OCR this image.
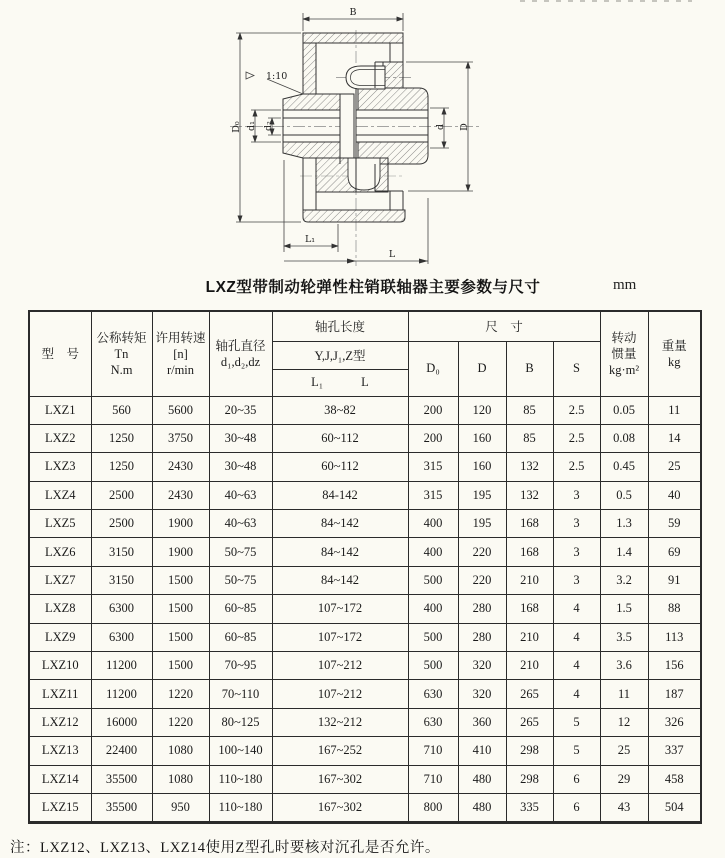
B
D₀ d₁ d₂	d D
L₁
L
1:10
LXZ型带制动轮弹性柱销联轴器主要参数与尺寸	mm
型　号

公称转矩Tn
N.m

许用转速
[n]
r/min

轴孔直径
d₁,d₂,dz
	轴孔长度	尺　寸	
转动
惯量
kg·m²

重量
kg

				Y,J,J₁,Z型	D₀	D	B	S		

				L₁ L						

LXZ1	560	5600	20~35	38~82	200	120	85	2.5	0.05	11
LXZ2	1250	3750	30~48	60~112	200	160	85	2.5	0.08	14
LXZ3	1250	2430	30~48	60~112	315	160	132	2.5	0.45	25
LXZ4	2500	2430	40~63	84-142	315	195	132	3	0.5	40
LXZ5	2500	1900	40~63	84~142	400	195	168	3	1.3	59
LXZ6	3150	1900	50~75	84~142	400	220	168	3	1.4	69
LXZ7	3150	1500	50~75	84~142	500	220	210	3	3.2	91
LXZ8	6300	1500	60~85	107~172	400	280	168	4	1.5	88
LXZ9	6300	1500	60~85	107~172	500	280	210	4	3.5	113
LXZ10	11200	1500	70~95	107~212	500	320	210	4	3.6	156
LXZ11	11200	1220	70~110	107~212	630	320	265	4	11	187
LXZ12	16000	1220	80~125	132~212	630	360	265	5	12	326
LXZ13	22400	1080	100~140	167~252	710	410	298	5	25	337
LXZ14	35500	1080	110~180	167~302	710	480	298	6	29	458
LXZ15	35500	950	110~180	167~302	800	480	335	6	43	504
注：LXZ12、LXZ13、LXZ14使用Z型孔时要核对沉孔是否允许。
